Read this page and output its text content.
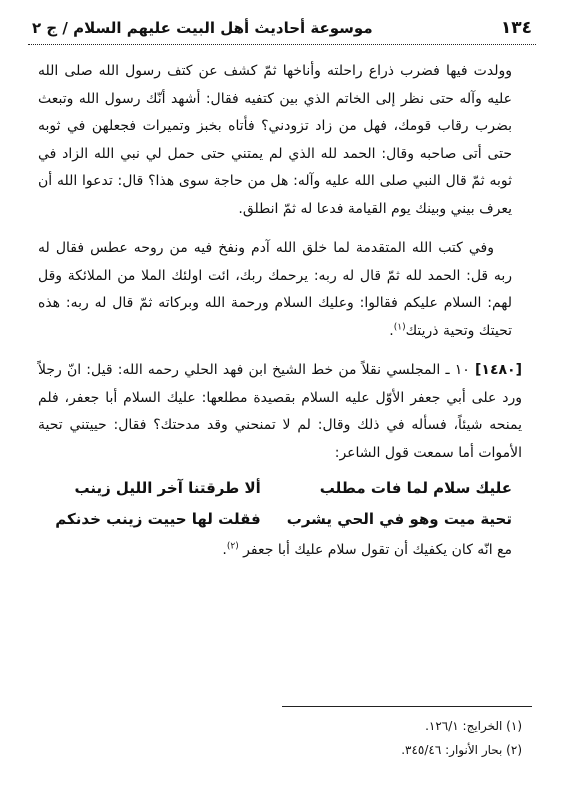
١٣٤
موسوعة أحاديث أهل البيت عليهم السلام / ج ٢

وولدت فيها فضرب ذراع راحلته وأناخها ثمّ كشف عن كتف رسول الله صلى الله عليه وآله حتى نظر إلى الخاتم الذي بين كتفيه فقال: أشهد أنّك رسول الله وتبعث بضرب رقاب قومك، فهل من زاد تزودني؟ فأتاه بخبز وتميرات فجعلهن في ثوبه حتى أتى صاحبه وقال: الحمد لله الذي لم يمتني حتى حمل لي نبي الله الزاد في ثوبه ثمّ قال النبي صلى الله عليه وآله: هل من حاجة سوى هذا؟ قال: تدعوا الله أن يعرف بيني وبينك يوم القيامة فدعا له ثمّ انطلق.

وفي كتب الله المتقدمة لما خلق الله آدم ونفخ فيه من روحه عطس فقال له ربه قل: الحمد لله ثمّ قال له ربه: يرحمك ربك، ائت اولئك الملا من الملائكة وقل لهم: السلام عليكم فقالوا: وعليك السلام ورحمة الله وبركاته ثمّ قال له ربه: هذه تحيتك وتحية ذريتك$^{(١)}$.

[١٤٨٠] ١٠ ـ المجلسي نقلاً من خط الشيخ ابن فهد الحلي رحمه الله: قيل: انّ رجلاً ورد على أبي جعفر الأوّل عليه السلام بقصيدة مطلعها: عليك السلام أبا جعفر، فلم يمنحه شيئاً، فسأله في ذلك وقال: لم لا تمنحني وقد مدحتك؟ فقال: حييتني تحية الأموات أما سمعت قول الشاعر:

عليك سلام لما فات مطلب
ألا طرقتنا آخر الليل زينب
تحية ميت وهو في الحي يشرب
فقلت لها حييت زينب خدنكم

مع انّه كان يكفيك أن تقول سلام عليك أبا جعفر $^{(٢)}$.

(١) الخرايج: ١٢٦/١.

(٢) بحار الأنوار: ٣٤٥/٤٦.
